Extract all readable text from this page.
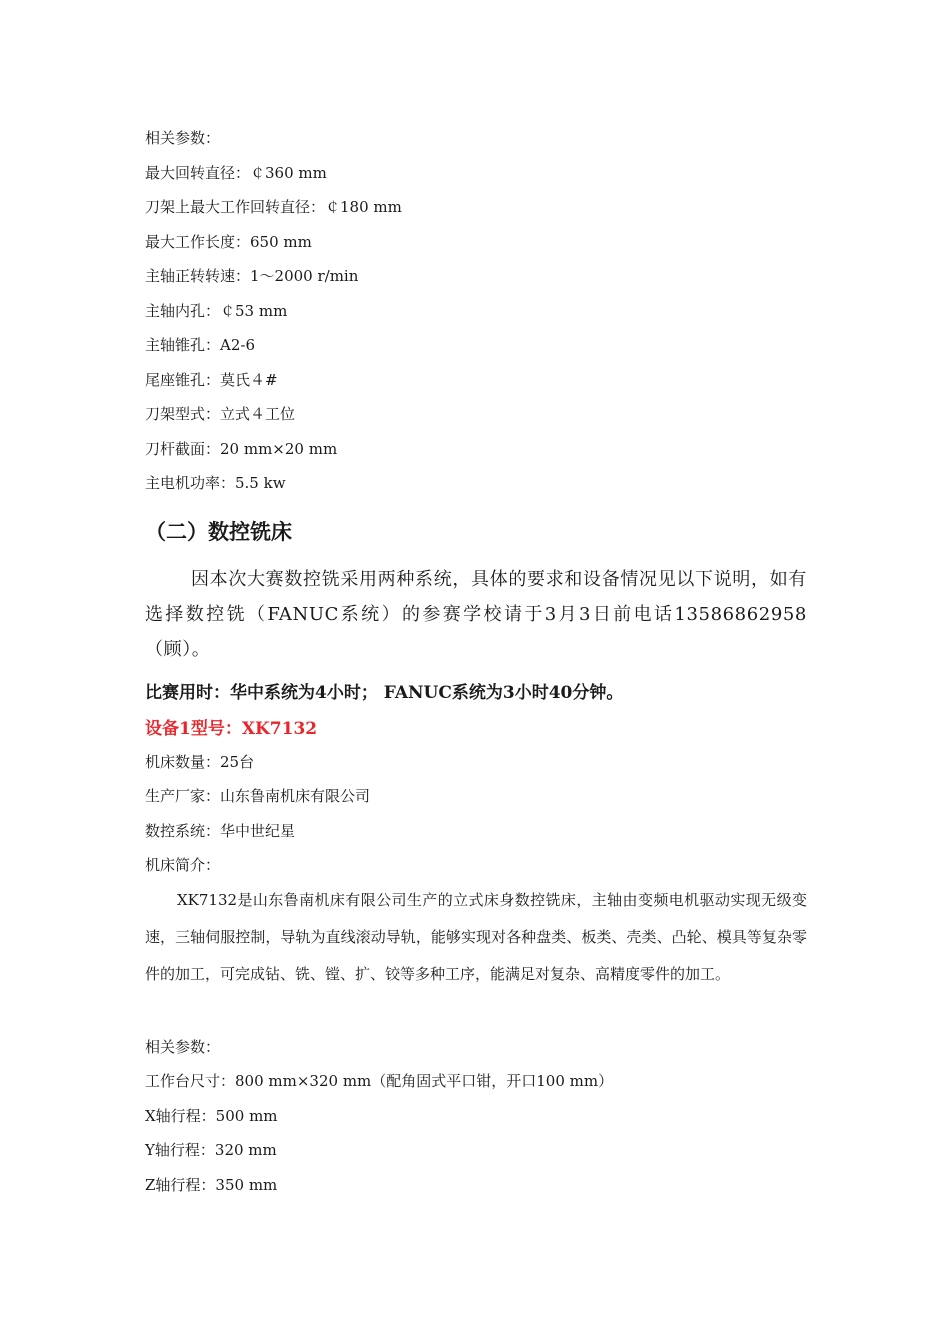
相关参数：
最大回转直径：￠360 mm
刀架上最大工作回转直径：￠180 mm
最大工作长度：650 mm
主轴正转转速：1～2000 r/min
主轴内孔：￠53 mm
主轴锥孔：A2-6
尾座锥孔：莫氏４#
刀架型式：立式４工位
刀杆截面：20 mm×20 mm
主电机功率：5.5 kw
（二）数控铣床
因本次大赛数控铣采用两种系统，具体的要求和设备情况见以下说明，如有选择数控铣（FANUC系统）的参赛学校请于3月3日前电话13586862958（顾）。
比赛用时：华中系统为4小时； FANUC系统为3小时40分钟。
设备1型号：XK7132
机床数量：25台
生产厂家：山东鲁南机床有限公司
数控系统：华中世纪星
机床简介：
XK7132是山东鲁南机床有限公司生产的立式床身数控铣床，主轴由变频电机驱动实现无级变速，三轴伺服控制，导轨为直线滚动导轨，能够实现对各种盘类、板类、壳类、凸轮、模具等复杂零件的加工，可完成钻、铣、镗、扩、铰等多种工序，能满足对复杂、高精度零件的加工。
相关参数：
工作台尺寸：800 mm×320 mm（配角固式平口钳，开口100 mm）
X轴行程：500 mm
Y轴行程：320 mm
Z轴行程：350 mm
